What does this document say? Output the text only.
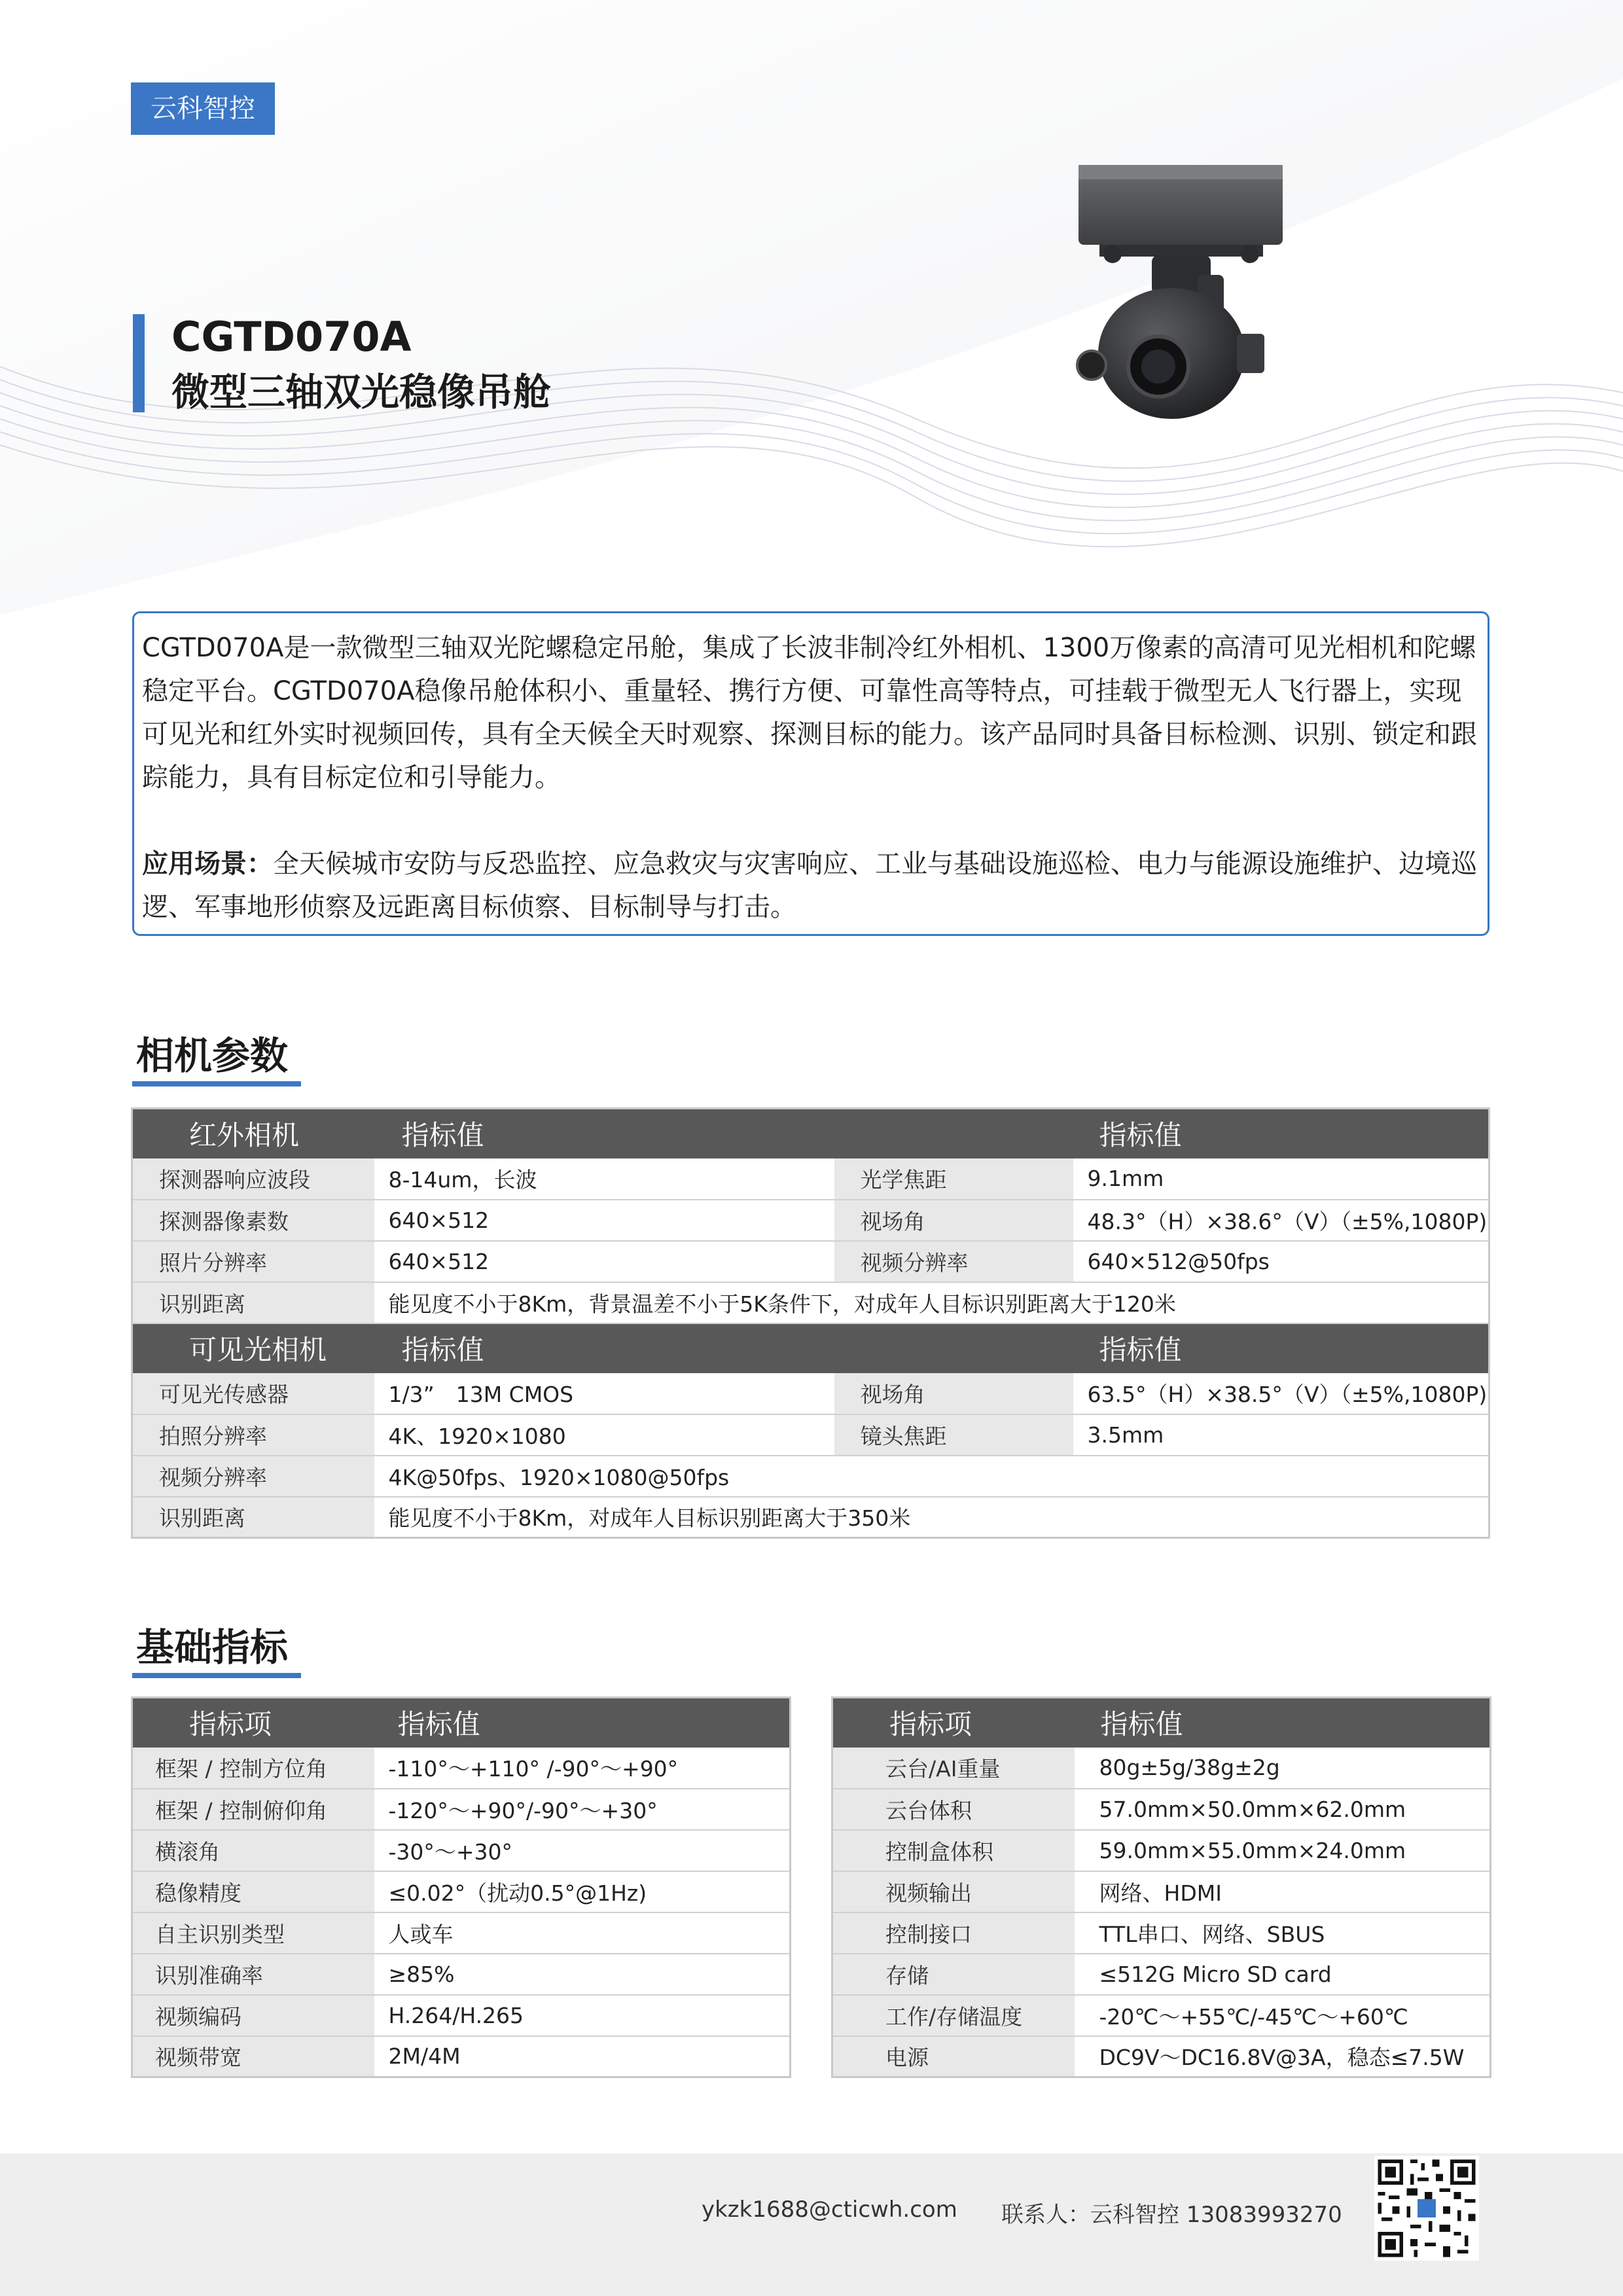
云科智控
CGTD070A
微型三轴双光稳像吊舱

CGTD070A是一款微型三轴双光陀螺稳定吊舱，集成了长波非制冷红外相机、1300万像素的高清可见光相机和陀螺稳定平台。CGTD070A稳像吊舱体积小、重量轻、携行方便、可靠性高等特点，可挂载于微型无人飞行器上，实现可见光和红外实时视频回传，具有全天候全天时观察、探测目标的能力。该产品同时具备目标检测、识别、锁定和跟踪能力，具有目标定位和引导能力。

应用场景：全天候城市安防与反恐监控、应急救灾与灾害响应、工业与基础设施巡检、电力与能源设施维护、边境巡逻、军事地形侦察及远距离目标侦察、目标制导与打击。

相机参数
红外相机	指标值		指标值
探测器响应波段	8-14um，长波	光学焦距	9.1mm
探测器像素数	640×512	视场角	48.3°（H）×38.6°（V）（±5%,1080P)
照片分辨率	640×512	视频分辨率	640×512@50fps
识别距离	能见度不小于8Km，背景温差不小于5K条件下，对成年人目标识别距离大于120米		
可见光相机	指标值		指标值
可见光传感器	1/3”　13M CMOS	视场角	63.5°（H）×38.5°（V）（±5%,1080P)
拍照分辨率	4K、1920×1080	镜头焦距	3.5mm
视频分辨率	4K@50fps、1920×1080@50fps		
识别距离	能见度不小于8Km，对成年人目标识别距离大于350米		
基础指标
指标项	指标值
框架 / 控制方位角	-110°～+110° /-90°～+90°
框架 / 控制俯仰角	-120°～+90°/-90°～+30°
横滚角	-30°～+30°
稳像精度	≤0.02°（扰动0.5°@1Hz)
自主识别类型	人或车
识别准确率	≥85%
视频编码	H.264/H.265
视频带宽	2M/4M
指标项	指标值
云台/AI重量	80g±5g/38g±2g
云台体积	57.0mm×50.0mm×62.0mm
控制盒体积	59.0mm×55.0mm×24.0mm
视频输出	网络、HDMI
控制接口	TTL串口、网络、SBUS
存储	≤512G Micro SD card
工作/存储温度	-20℃～+55℃/-45℃～+60℃
电源	DC9V～DC16.8V@3A，稳态≤7.5W
ykzk1688@cticwh.com 联系人：云科智控 13083993270
